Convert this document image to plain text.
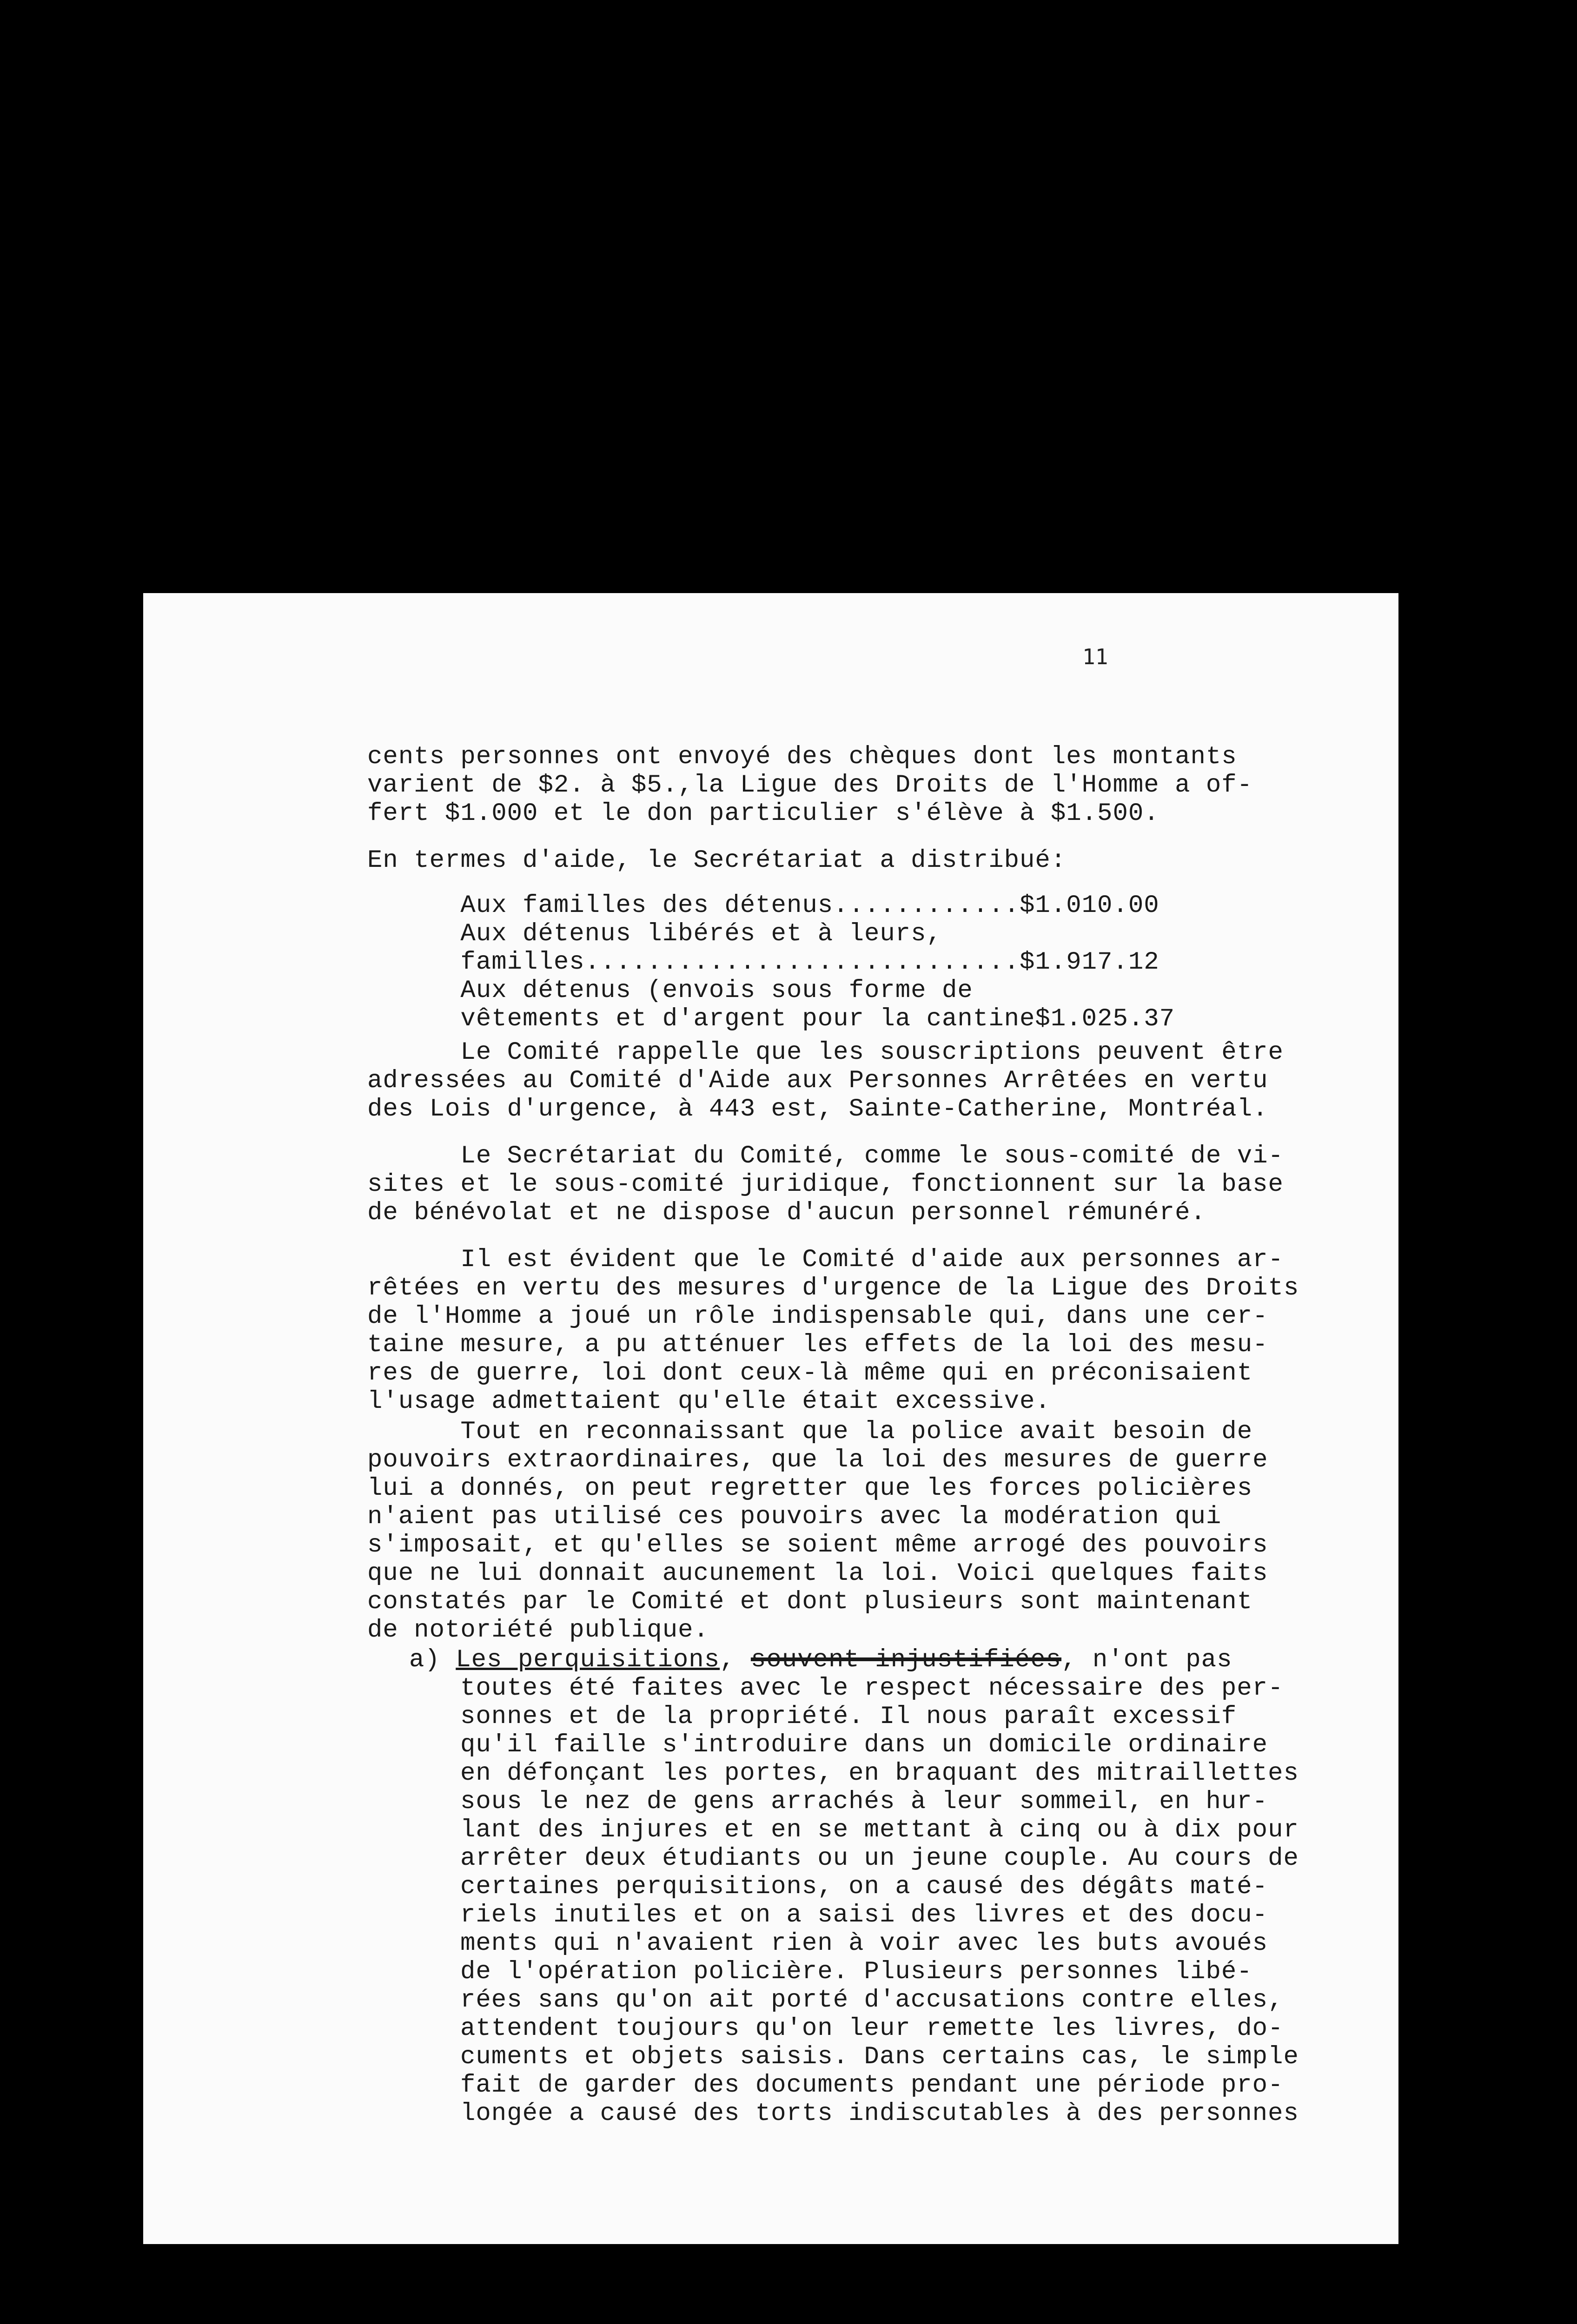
11
cents personnes ont envoyé des chèques dont les montants
varient de $2. à $5.,la Ligue des Droits de l'Homme a of-
fert $1.000 et le don particulier s'élève à $1.500.
En termes d'aide, le Secrétariat a distribué:
Aux familles des détenus............$1.010.00
Aux détenus libérés et à leurs,
familles............................$1.917.12
Aux détenus (envois sous forme de
vêtements et d'argent pour la cantine$1.025.37
Le Comité rappelle que les souscriptions peuvent être
adressées au Comité d'Aide aux Personnes Arrêtées en vertu
des Lois d'urgence, à 443 est, Sainte-Catherine, Montréal.
Le Secrétariat du Comité, comme le sous-comité de vi-
sites et le sous-comité juridique, fonctionnent sur la base
de bénévolat et ne dispose d'aucun personnel rémunéré.
Il est évident que le Comité d'aide aux personnes ar-
rêtées en vertu des mesures d'urgence de la Ligue des Droits
de l'Homme a joué un rôle indispensable qui, dans une cer-
taine mesure, a pu atténuer les effets de la loi des mesu-
res de guerre, loi dont ceux-là même qui en préconisaient
l'usage admettaient qu'elle était excessive.
Tout en reconnaissant que la police avait besoin de
pouvoirs extraordinaires, que la loi des mesures de guerre
lui a donnés, on peut regretter que les forces policières
n'aient pas utilisé ces pouvoirs avec la modération qui
s'imposait, et qu'elles se soient même arrogé des pouvoirs
que ne lui donnait aucunement la loi. Voici quelques faits
constatés par le Comité et dont plusieurs sont maintenant
de notoriété publique.
a) Les perquisitions, souvent injustifiées, n'ont pas
toutes été faites avec le respect nécessaire des per-
sonnes et de la propriété. Il nous paraît excessif
qu'il faille s'introduire dans un domicile ordinaire
en défonçant les portes, en braquant des mitraillettes
sous le nez de gens arrachés à leur sommeil, en hur-
lant des injures et en se mettant à cinq ou à dix pour
arrêter deux étudiants ou un jeune couple. Au cours de
certaines perquisitions, on a causé des dégâts maté-
riels inutiles et on a saisi des livres et des docu-
ments qui n'avaient rien à voir avec les buts avoués
de l'opération policière. Plusieurs personnes libé-
rées sans qu'on ait porté d'accusations contre elles,
attendent toujours qu'on leur remette les livres, do-
cuments et objets saisis. Dans certains cas, le simple
fait de garder des documents pendant une période pro-
longée a causé des torts indiscutables à des personnes
